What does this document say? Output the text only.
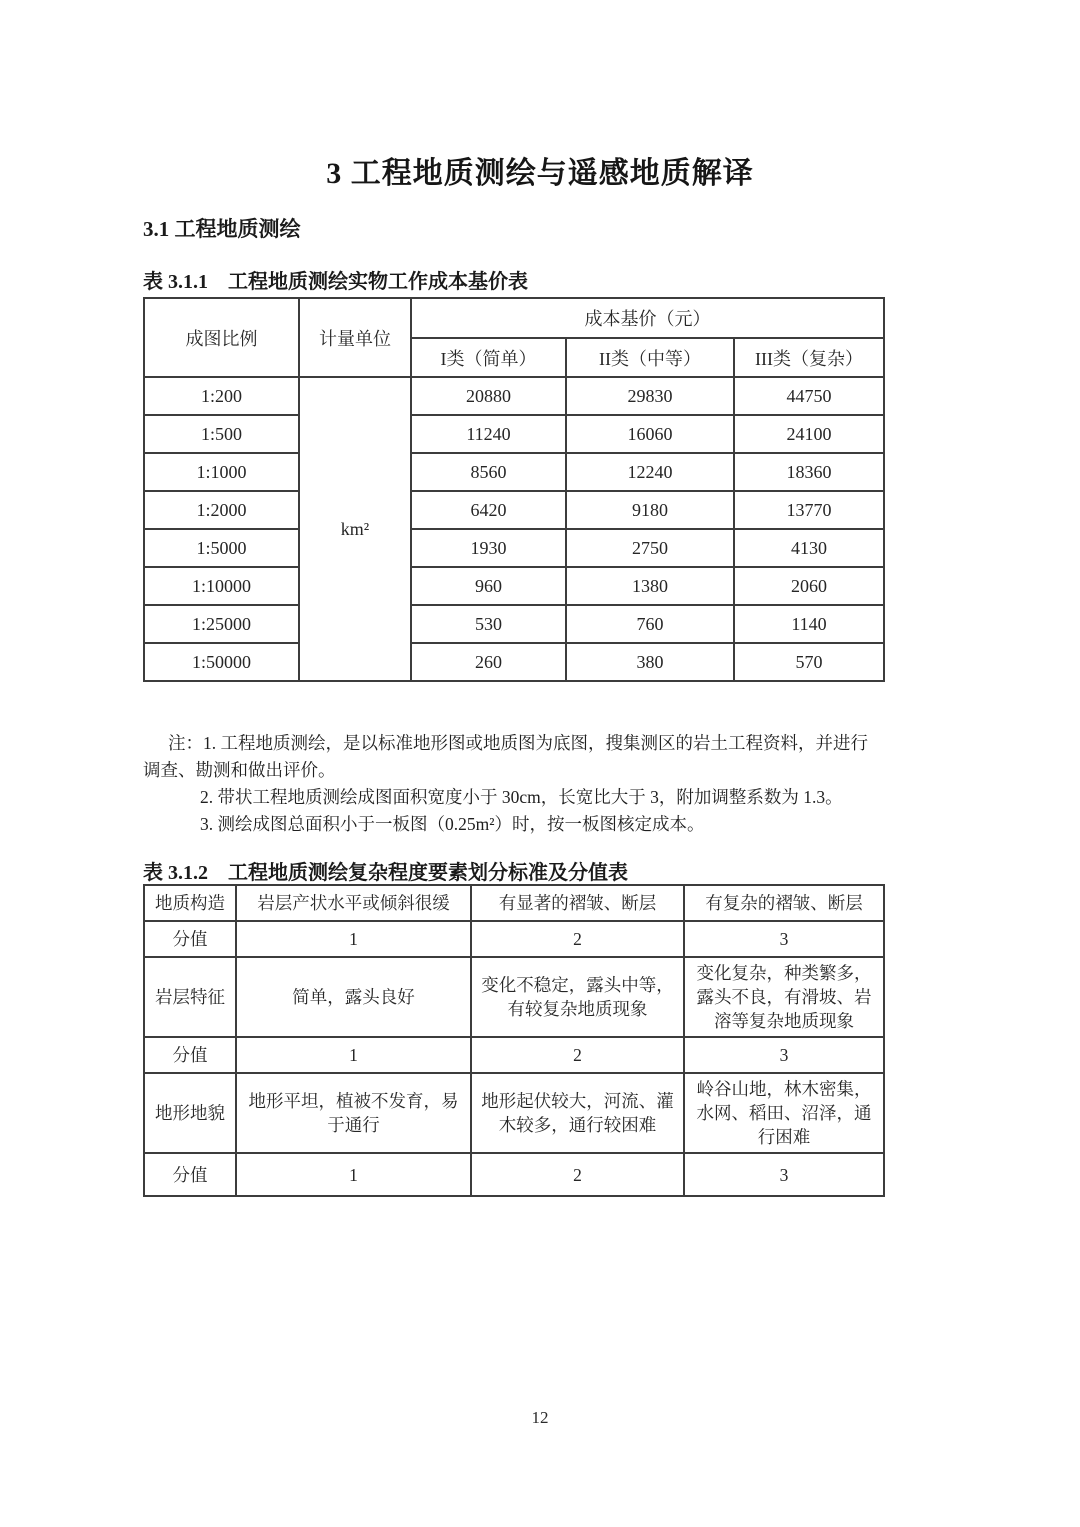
3 工程地质测绘与遥感地质解译
3.1 工程地质测绘
表 3.1.1　工程地质测绘实物工作成本基价表
成图比例	计量单位	成本基价（元）		
		I类（简单）	II类（中等）	III类（复杂）
1:200	km²	20880	29830	44750
1:500		11240	16060	24100
1:1000		8560	12240	18360
1:2000		6420	9180	13770
1:5000		1930	2750	4130
1:10000		960	1380	2060
1:25000		530	760	1140
1:50000		260	380	570
注：1. 工程地质测绘，是以标准地形图或地质图为底图，搜集测区的岩土工程资料，并进行
调查、勘测和做出评价。
2. 带状工程地质测绘成图面积宽度小于 30cm，长宽比大于 3，附加调整系数为 1.3。
3. 测绘成图总面积小于一板图（0.25m²）时，按一板图核定成本。
表 3.1.2　工程地质测绘复杂程度要素划分标准及分值表
地质构造	岩层产状水平或倾斜很缓	有显著的褶皱、断层	有复杂的褶皱、断层
分值	1	2	3
岩层特征	简单，露头良好	变化不稳定，露头中等，有较复杂地质现象	变化复杂，种类繁多，露头不良，有滑坡、岩溶等复杂地质现象
分值	1	2	3
地形地貌	地形平坦，植被不发育，易于通行	地形起伏较大，河流、灌木较多，通行较困难	岭谷山地，林木密集，水网、稻田、沼泽，通行困难
分值	1	2	3
12
